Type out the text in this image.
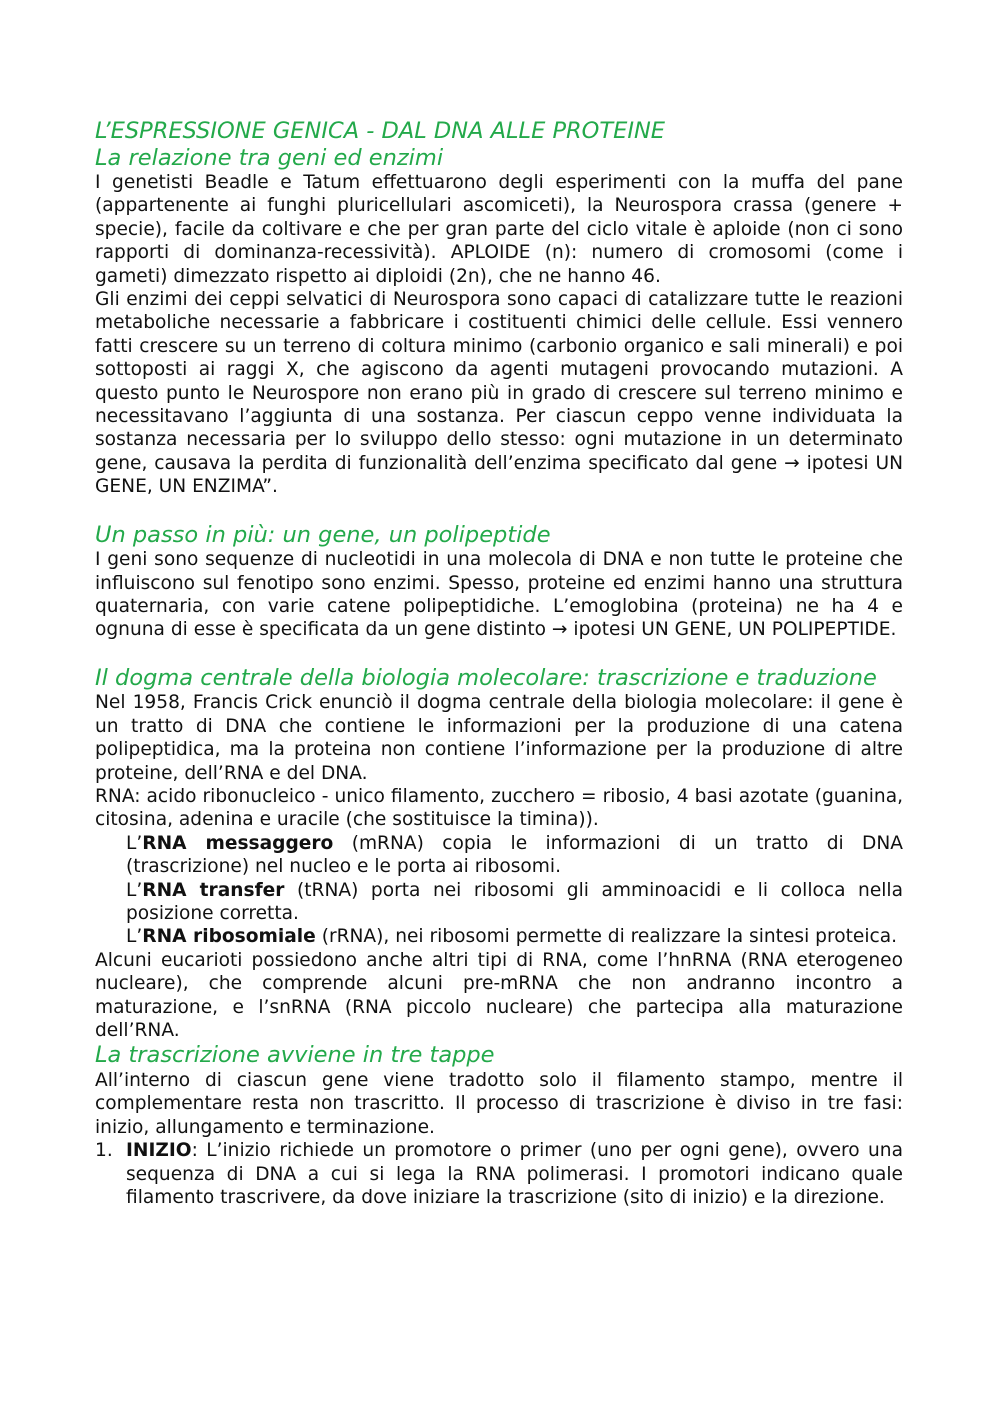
L’ESPRESSIONE GENICA - DAL DNA ALLE PROTEINE
La relazione tra geni ed enzimi

I genetisti Beadle e Tatum effettuarono degli esperimenti con la muffa del pane (appartenente ai funghi pluricellulari ascomiceti), la Neurospora crassa (genere + specie), facile da coltivare e che per gran parte del ciclo vitale è aploide (non ci sono rapporti di dominanza-recessività). APLOIDE (n): numero di cromosomi (come i gameti) dimezzato rispetto ai diploidi (2n), che ne hanno 46.

Gli enzimi dei ceppi selvatici di Neurospora sono capaci di catalizzare tutte le reazioni metaboliche necessarie a fabbricare i costituenti chimici delle cellule. Essi vennero fatti crescere su un terreno di coltura minimo (carbonio organico e sali minerali) e poi sottoposti ai raggi X, che agiscono da agenti mutageni provocando mutazioni. A questo punto le Neurospore non erano più in grado di crescere sul terreno minimo e necessitavano l’aggiunta di una sostanza. Per ciascun ceppo venne individuata la sostanza necessaria per lo sviluppo dello stesso: ogni mutazione in un determinato gene, causava la perdita di funzionalità dell’enzima specificato dal gene → ipotesi UN GENE, UN ENZIMA”.

Un passo in più: un gene, un polipeptide

I geni sono sequenze di nucleotidi in una molecola di DNA e non tutte le proteine che influiscono sul fenotipo sono enzimi. Spesso, proteine ed enzimi hanno una struttura quaternaria, con varie catene polipeptidiche. L’emoglobina (proteina) ne ha 4 e ognuna di esse è specificata da un gene distinto → ipotesi UN GENE, UN POLIPEPTIDE.

Il dogma centrale della biologia molecolare: trascrizione e traduzione

Nel 1958, Francis Crick enunciò il dogma centrale della biologia molecolare: il gene è un tratto di DNA che contiene le informazioni per la produzione di una catena polipeptidica, ma la proteina non contiene l’informazione per la produzione di altre proteine, dell’RNA e del DNA.

RNA: acido ribonucleico - unico filamento, zucchero = ribosio, 4 basi azotate (guanina, citosina, adenina e uracile (che sostituisce la timina)).

L’RNA messaggero (mRNA) copia le informazioni di un tratto di DNA (trascrizione) nel nucleo e le porta ai ribosomi.
L’RNA transfer (tRNA) porta nei ribosomi gli amminoacidi e li colloca nella posizione corretta.
L’RNA ribosomiale (rRNA), nei ribosomi permette di realizzare la sintesi proteica.

Alcuni eucarioti possiedono anche altri tipi di RNA, come l’hnRNA (RNA eterogeneo nucleare), che comprende alcuni pre-mRNA che non andranno incontro a maturazione, e l’snRNA (RNA piccolo nucleare) che partecipa alla maturazione dell’RNA.

La trascrizione avviene in tre tappe

All’interno di ciascun gene viene tradotto solo il filamento stampo, mentre il complementare resta non trascritto. Il processo di trascrizione è diviso in tre fasi: inizio, allungamento e terminazione.

1. INIZIO: L’inizio richiede un promotore o primer (uno per ogni gene), ovvero una sequenza di DNA a cui si lega la RNA polimerasi. I promotori indicano quale filamento trascrivere, da dove iniziare la trascrizione (sito di inizio) e la direzione.
